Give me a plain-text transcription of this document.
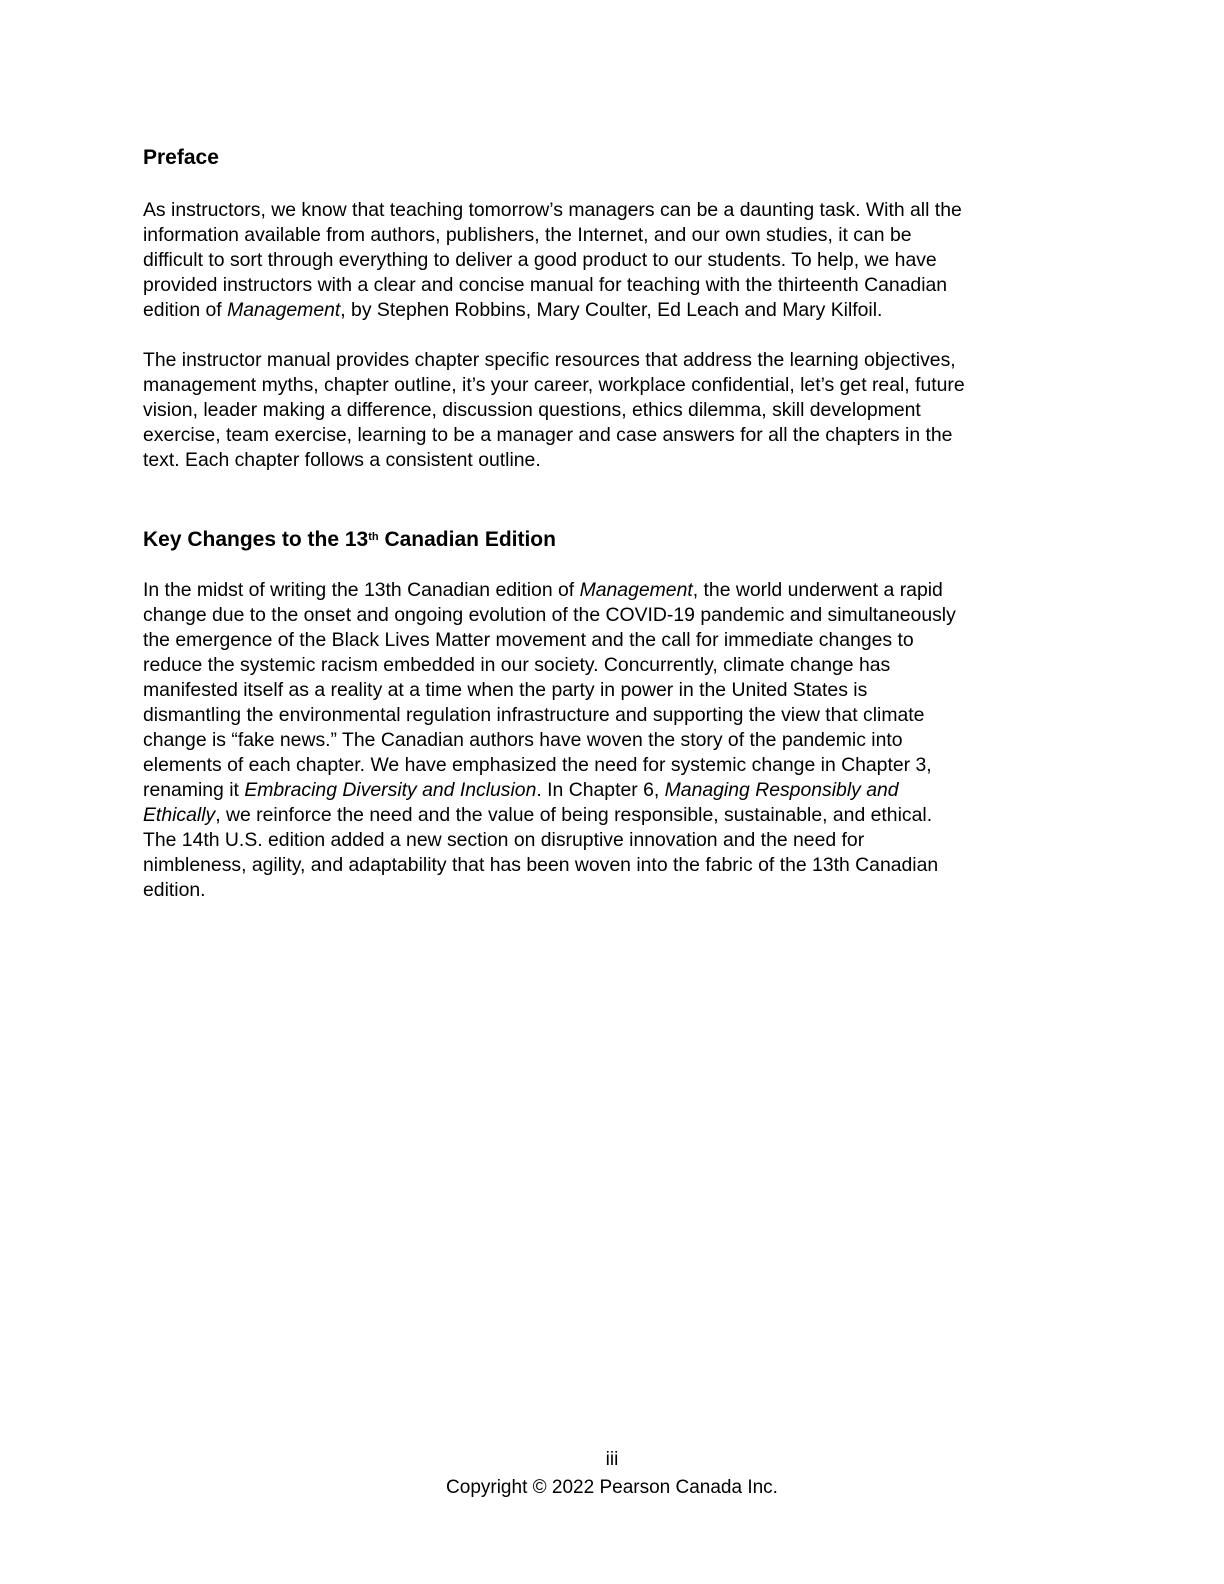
Preface
As instructors, we know that teaching tomorrow’s managers can be a daunting task. With all the
information available from authors, publishers, the Internet, and our own studies, it can be
difficult to sort through everything to deliver a good product to our students. To help, we have
provided instructors with a clear and concise manual for teaching with the thirteenth Canadian
edition of Management, by Stephen Robbins, Mary Coulter, Ed Leach and Mary Kilfoil.
The instructor manual provides chapter specific resources that address the learning objectives,
management myths, chapter outline, it’s your career, workplace confidential, let’s get real, future
vision, leader making a difference, discussion questions, ethics dilemma, skill development
exercise, team exercise, learning to be a manager and case answers for all the chapters in the
text. Each chapter follows a consistent outline.
Key Changes to the 13th Canadian Edition
In the midst of writing the 13th Canadian edition of Management, the world underwent a rapid
change due to the onset and ongoing evolution of the COVID-19 pandemic and simultaneously
the emergence of the Black Lives Matter movement and the call for immediate changes to
reduce the systemic racism embedded in our society. Concurrently, climate change has
manifested itself as a reality at a time when the party in power in the United States is
dismantling the environmental regulation infrastructure and supporting the view that climate
change is “fake news.” The Canadian authors have woven the story of the pandemic into
elements of each chapter. We have emphasized the need for systemic change in Chapter 3,
renaming it Embracing Diversity and Inclusion. In Chapter 6, Managing Responsibly and
Ethically, we reinforce the need and the value of being responsible, sustainable, and ethical.
The 14th U.S. edition added a new section on disruptive innovation and the need for
nimbleness, agility, and adaptability that has been woven into the fabric of the 13th Canadian
edition.

iii

Copyright © 2022 Pearson Canada Inc.
